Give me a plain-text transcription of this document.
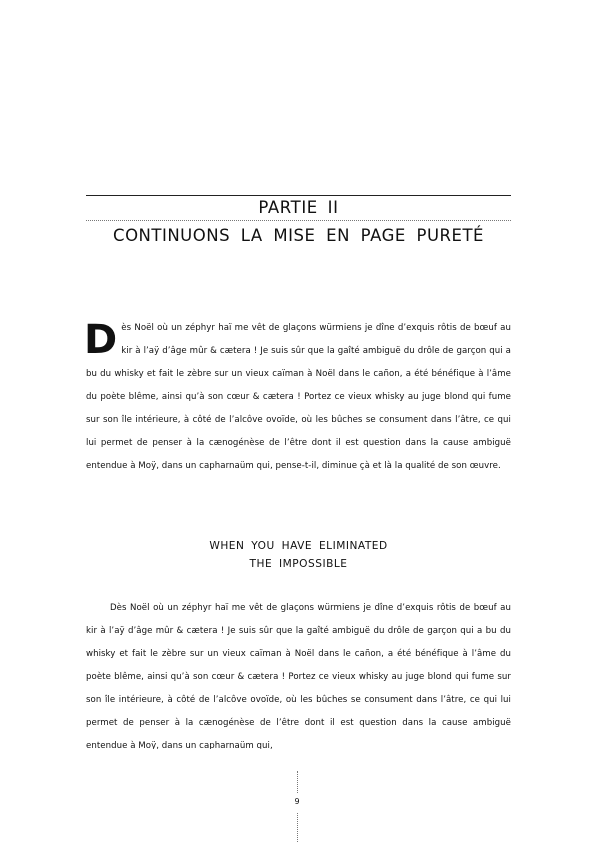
PARTIE II
CONTINUONS LA MISE EN PAGE PURETÉ
Dès Noël où un zéphyr haï me vêt de glaçons würmiens je dîne d’exquis rôtis de bœuf au kir à l’aÿ d’âge mûr & cætera ! Je suis sûr que la gaîté ambiguë du drôle de garçon qui a bu du whisky et fait le zèbre sur un vieux caïman à Noël dans le cañon, a été bénéfique à l’âme du poète blême, ainsi qu’à son cœur & cætera ! Portez ce vieux whisky au juge blond qui fume sur son île intérieure, à côté de l’alcôve ovoïde, où les bûches se consument dans l’âtre, ce qui lui permet de penser à la cænogénèse de l’être dont il est question dans la cause ambiguë entendue à Moÿ, dans un capharnaüm qui, pense-t-il, diminue çà et là la qualité de son œuvre.
WHEN YOU HAVE ELIMINATED
THE IMPOSSIBLE
Dès Noël où un zéphyr haï me vêt de glaçons würmiens je dîne d’exquis rôtis de bœuf au kir à l’aÿ d’âge mûr & cætera ! Je suis sûr que la gaîté ambiguë du drôle de garçon qui a bu du whisky et fait le zèbre sur un vieux caïman à Noël dans le cañon, a été bénéfique à l’âme du poète blême, ainsi qu’à son cœur & cætera ! Portez ce vieux whisky au juge blond qui fume sur son île intérieure, à côté de l’alcôve ovoïde, où les bûches se consument dans l’âtre, ce qui lui permet de penser à la cænogénèse de l’être dont il est question dans la cause ambiguë entendue à Moÿ, dans un capharnaüm qui,
9
